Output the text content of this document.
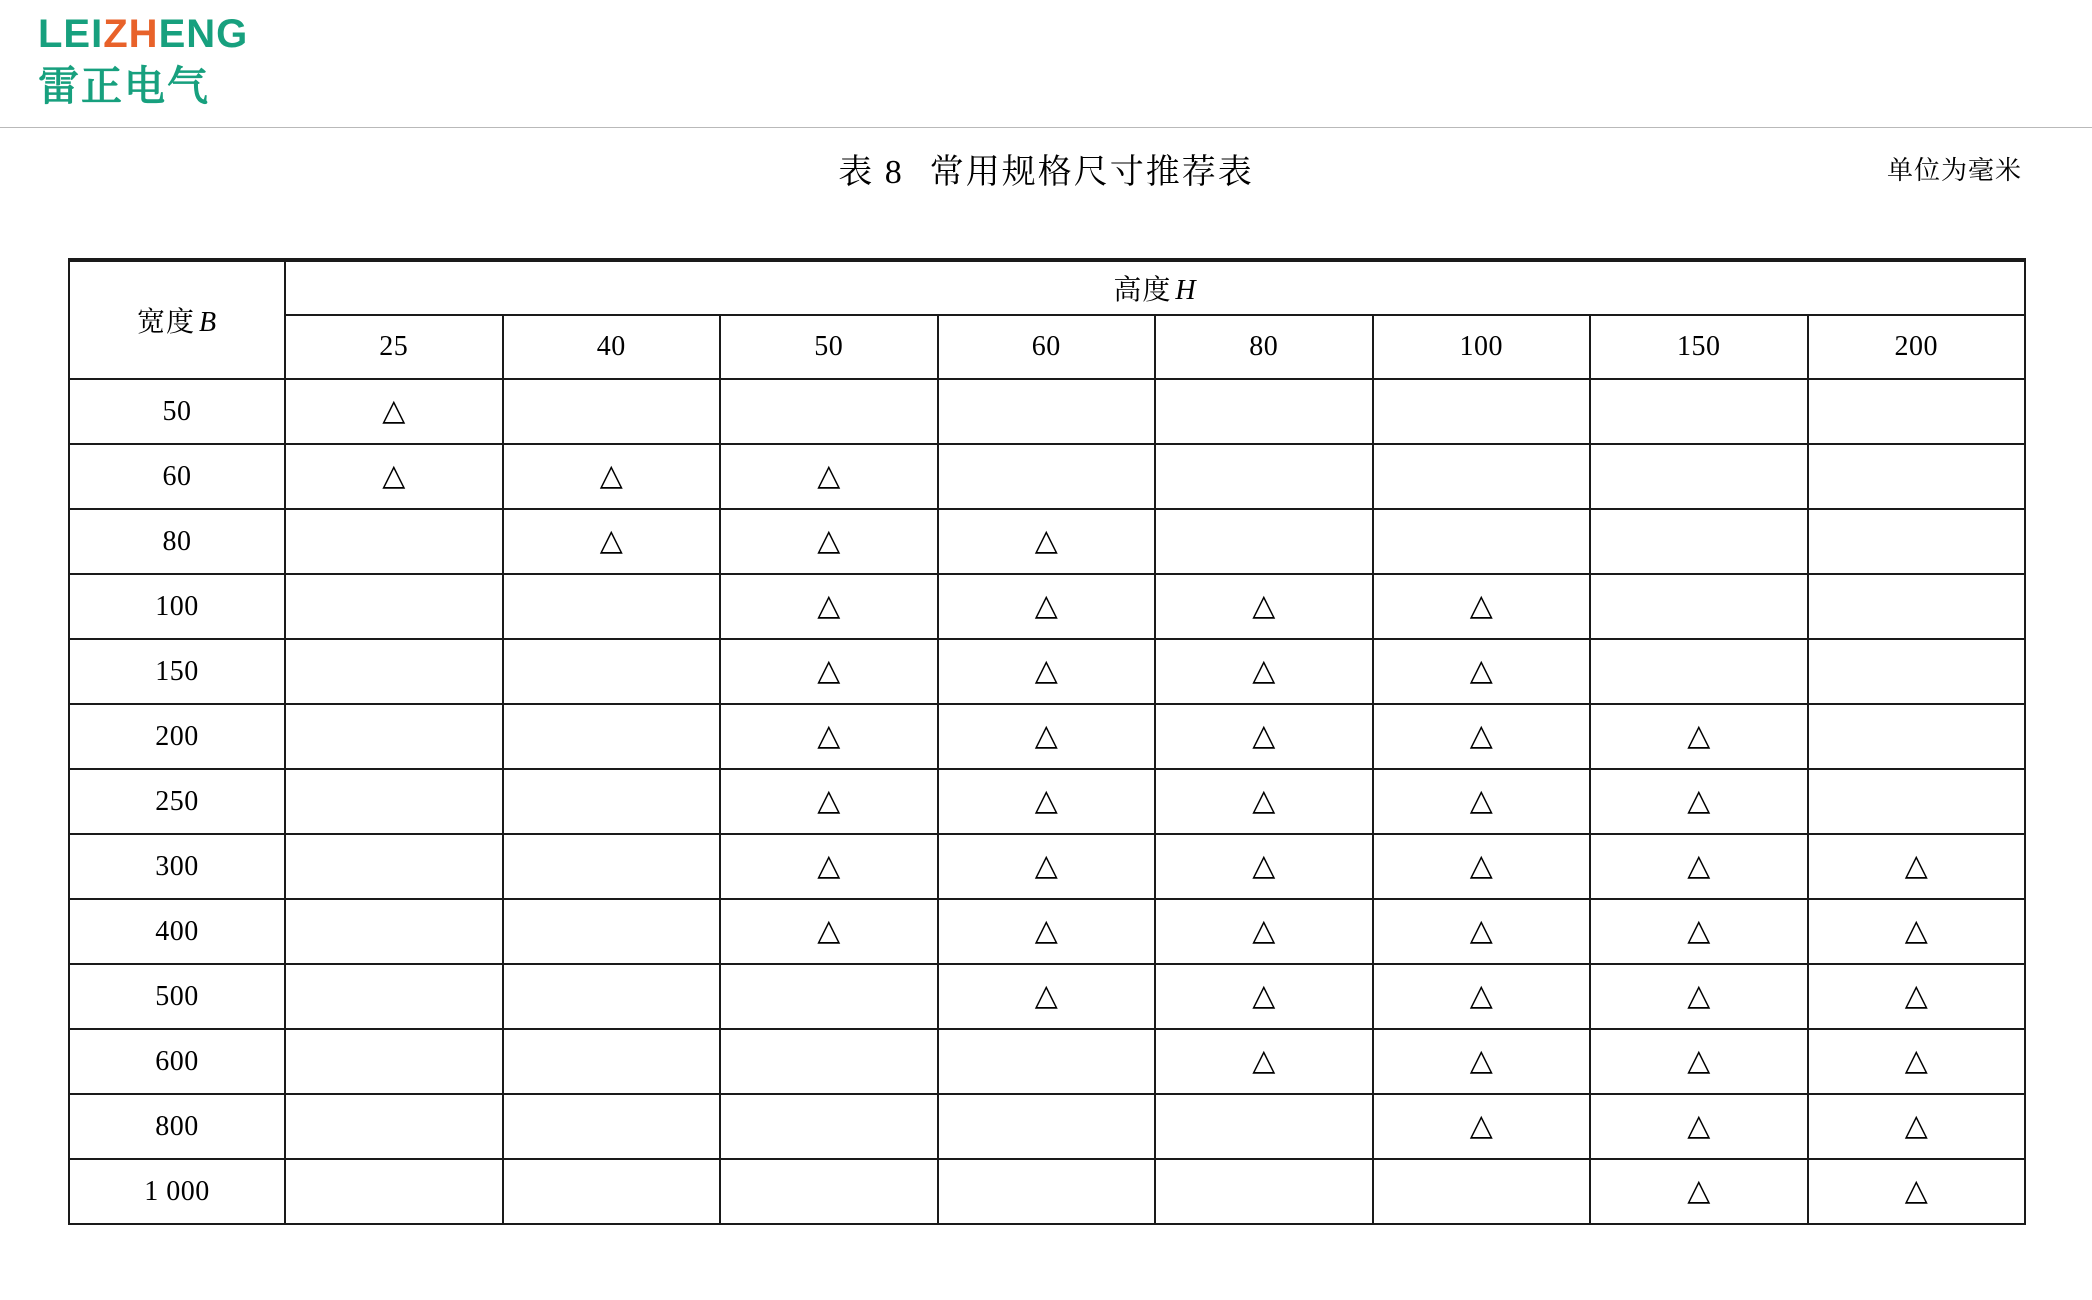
LEIZHENG
雷正电气
表 8 常用规格尺寸推荐表	单位为毫米
宽度 B	高度 H							
	25	40	50	60	80	100	150	200
50	△							
60	△	△	△					
80		△	△	△				
100			△	△	△	△		
150			△	△	△	△		
200			△	△	△	△	△	
250			△	△	△	△	△	
300			△	△	△	△	△	△
400			△	△	△	△	△	△
500				△	△	△	△	△
600					△	△	△	△
800						△	△	△
1 000							△	△
